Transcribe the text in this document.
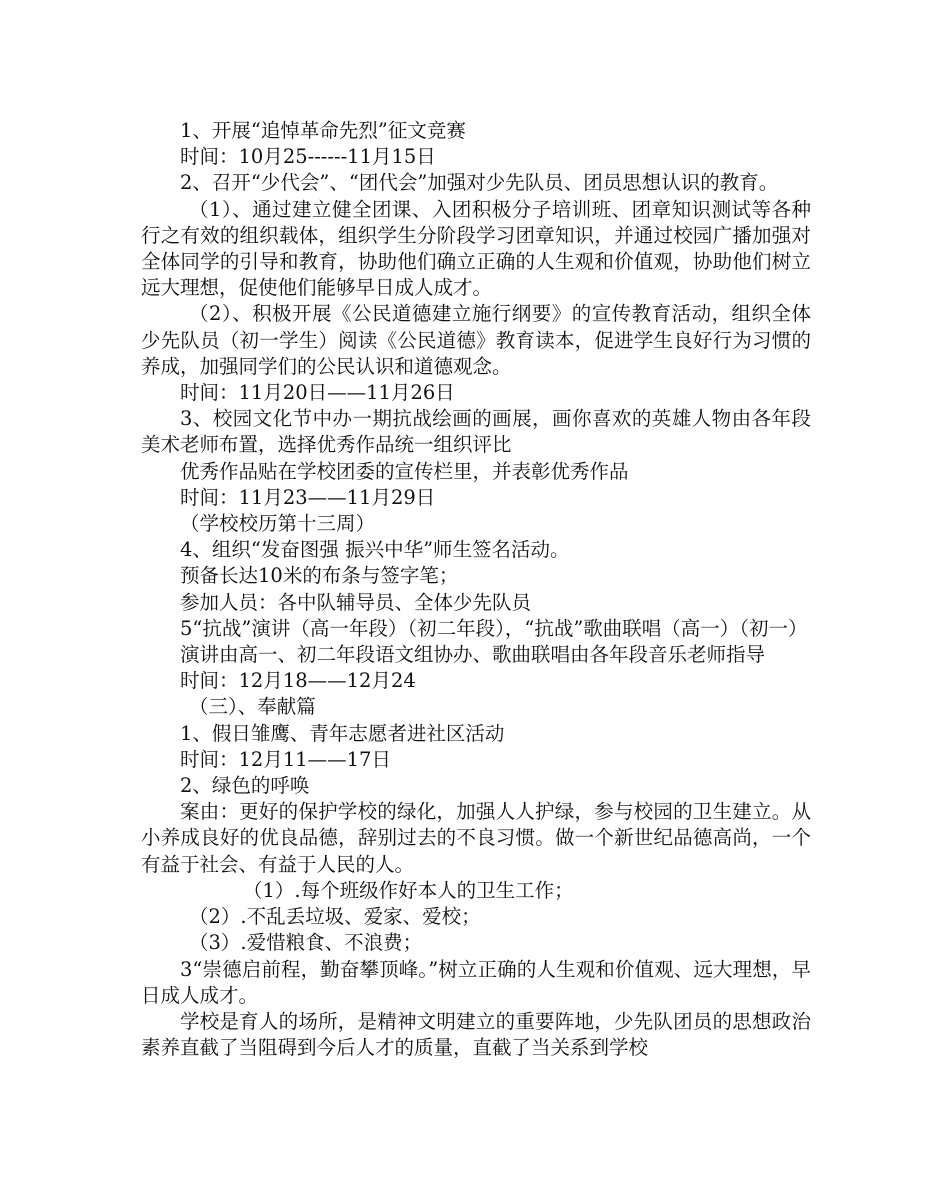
1、开展“追悼革命先烈”征文竞赛

时间：10月25------11月15日

2、召开“少代会”、“团代会”加强对少先队员、团员思想认识的教育。

（1）、通过建立健全团课、入团积极分子培训班、团章知识测试等各种行之有效的组织载体，组织学生分阶段学习团章知识，并通过校园广播加强对全体同学的引导和教育，协助他们确立正确的人生观和价值观，协助他们树立远大理想，促使他们能够早日成人成才。

（2）、积极开展《公民道德建立施行纲要》的宣传教育活动，组织全体少先队员（初一学生）阅读《公民道德》教育读本，促进学生良好行为习惯的养成，加强同学们的公民认识和道德观念。

时间：11月20日——11月26日

3、校园文化节中办一期抗战绘画的画展，画你喜欢的英雄人物由各年段美术老师布置，选择优秀作品统一组织评比

优秀作品贴在学校团委的宣传栏里，并表彰优秀作品

时间：11月23——11月29日

（学校校历第十三周）

4、组织“发奋图强 振兴中华”师生签名活动。

预备长达10米的布条与签字笔；

参加人员：各中队辅导员、全体少先队员

5“抗战”演讲（高一年段）（初二年段），“抗战”歌曲联唱（高一）（初一）

演讲由高一、初二年段语文组协办、歌曲联唱由各年段音乐老师指导

时间：12月18——12月24

（三）、奉献篇

1、假日雏鹰、青年志愿者进社区活动

时间：12月11——17日

2、绿色的呼唤

案由：更好的保护学校的绿化，加强人人护绿，参与校园的卫生建立。从小养成良好的优良品德，辞别过去的不良习惯。做一个新世纪品德高尚，一个有益于社会、有益于人民的人。

（1）.每个班级作好本人的卫生工作；

（2）.不乱丢垃圾、爱家、爱校；

（3）.爱惜粮食、不浪费；

3“崇德启前程，勤奋攀顶峰。”树立正确的人生观和价值观、远大理想，早日成人成才。

学校是育人的场所，是精神文明建立的重要阵地，少先队团员的思想政治素养直截了当阻碍到今后人才的质量，直截了当关系到学校
